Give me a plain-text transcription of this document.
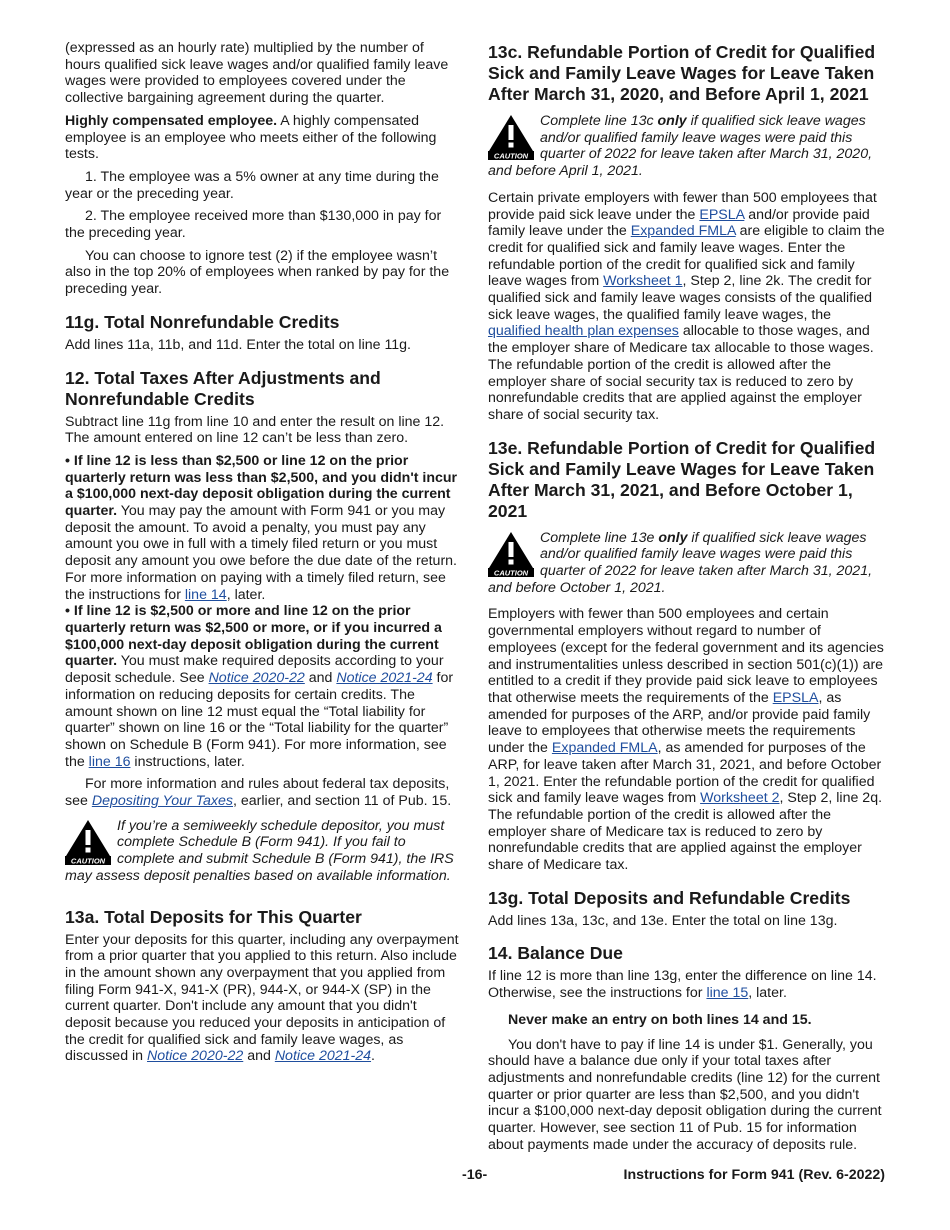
(expressed as an hourly rate) multiplied by the number of hours qualified sick leave wages and/or qualified family leave wages were provided to employees covered under the collective bargaining agreement during the quarter.

Highly compensated employee. A highly compensated employee is an employee who meets either of the following tests.

1. The employee was a 5% owner at any time during the year or the preceding year.

2. The employee received more than $130,000 in pay for the preceding year.

You can choose to ignore test (2) if the employee wasn’t also in the top 20% of employees when ranked by pay for the preceding year.

11g. Total Nonrefundable Credits

Add lines 11a, 11b, and 11d. Enter the total on line 11g.

12. Total Taxes After Adjustments and Nonrefundable Credits

Subtract line 11g from line 10 and enter the result on line 12. The amount entered on line 12 can’t be less than zero.

• If line 12 is less than $2,500 or line 12 on the prior quarterly return was less than $2,500, and you didn't incur a $100,000 next-day deposit obligation during the current quarter. You may pay the amount with Form 941 or you may deposit the amount. To avoid a penalty, you must pay any amount you owe in full with a timely filed return or you must deposit any amount you owe before the due date of the return. For more information on paying with a timely filed return, see the instructions for line 14, later.

• If line 12 is $2,500 or more and line 12 on the prior quarterly return was $2,500 or more, or if you incurred a $100,000 next-day deposit obligation during the current quarter. You must make required deposits according to your deposit schedule. See Notice 2020-22 and Notice 2021-24 for information on reducing deposits for certain credits. The amount shown on line 12 must equal the “Total liability for quarter” shown on line 16 or the “Total liability for the quarter” shown on Schedule B (Form 941). For more information, see the line 16 instructions, later.

For more information and rules about federal tax deposits, see Depositing Your Taxes, earlier, and section 11 of Pub. 15.

CAUTION

If you’re a semiweekly schedule depositor, you must complete Schedule B (Form 941). If you fail to complete and submit Schedule B (Form 941), the IRS may assess deposit penalties based on available information.

13a. Total Deposits for This Quarter

Enter your deposits for this quarter, including any overpayment from a prior quarter that you applied to this return. Also include in the amount shown any overpayment that you applied from filing Form 941-X, 941-X (PR), 944-X, or 944-X (SP) in the current quarter. Don't include any amount that you didn't deposit because you reduced your deposits in anticipation of the credit for qualified sick and family leave wages, as discussed in Notice 2020-22 and Notice 2021-24.

13c. Refundable Portion of Credit for Qualified Sick and Family Leave Wages for Leave Taken After March 31, 2020, and Before April 1, 2021
CAUTION

Complete line 13c only if qualified sick leave wages and/or qualified family leave wages were paid this quarter of 2022 for leave taken after March 31, 2020, and before April 1, 2021.

Certain private employers with fewer than 500 employees that provide paid sick leave under the EPSLA and/or provide paid family leave under the Expanded FMLA are eligible to claim the credit for qualified sick and family leave wages. Enter the refundable portion of the credit for qualified sick and family leave wages from Worksheet 1, Step 2, line 2k. The credit for qualified sick and family leave wages consists of the qualified sick leave wages, the qualified family leave wages, the qualified health plan expenses allocable to those wages, and the employer share of Medicare tax allocable to those wages. The refundable portion of the credit is allowed after the employer share of social security tax is reduced to zero by nonrefundable credits that are applied against the employer share of social security tax.

13e. Refundable Portion of Credit for Qualified Sick and Family Leave Wages for Leave Taken After March 31, 2021, and Before October 1, 2021
CAUTION

Complete line 13e only if qualified sick leave wages and/or qualified family leave wages were paid this quarter of 2022 for leave taken after March 31, 2021, and before October 1, 2021.

Employers with fewer than 500 employees and certain governmental employers without regard to number of employees (except for the federal government and its agencies and instrumentalities unless described in section 501(c)(1)) are entitled to a credit if they provide paid sick leave to employees that otherwise meets the requirements of the EPSLA, as amended for purposes of the ARP, and/or provide paid family leave to employees that otherwise meets the requirements under the Expanded FMLA, as amended for purposes of the ARP, for leave taken after March 31, 2021, and before October 1, 2021. Enter the refundable portion of the credit for qualified sick and family leave wages from Worksheet 2, Step 2, line 2q. The refundable portion of the credit is allowed after the employer share of Medicare tax is reduced to zero by nonrefundable credits that are applied against the employer share of Medicare tax.

13g. Total Deposits and Refundable Credits

Add lines 13a, 13c, and 13e. Enter the total on line 13g.

14. Balance Due

If line 12 is more than line 13g, enter the difference on line 14. Otherwise, see the instructions for line 15, later.

Never make an entry on both lines 14 and 15.

You don't have to pay if line 14 is under $1. Generally, you should have a balance due only if your total taxes after adjustments and nonrefundable credits (line 12) for the current quarter or prior quarter are less than $2,500, and you didn't incur a $100,000 next-day deposit obligation during the current quarter. However, see section 11 of Pub. 15 for information about payments made under the accuracy of deposits rule.

-16-	Instructions for Form 941 (Rev. 6-2022)
